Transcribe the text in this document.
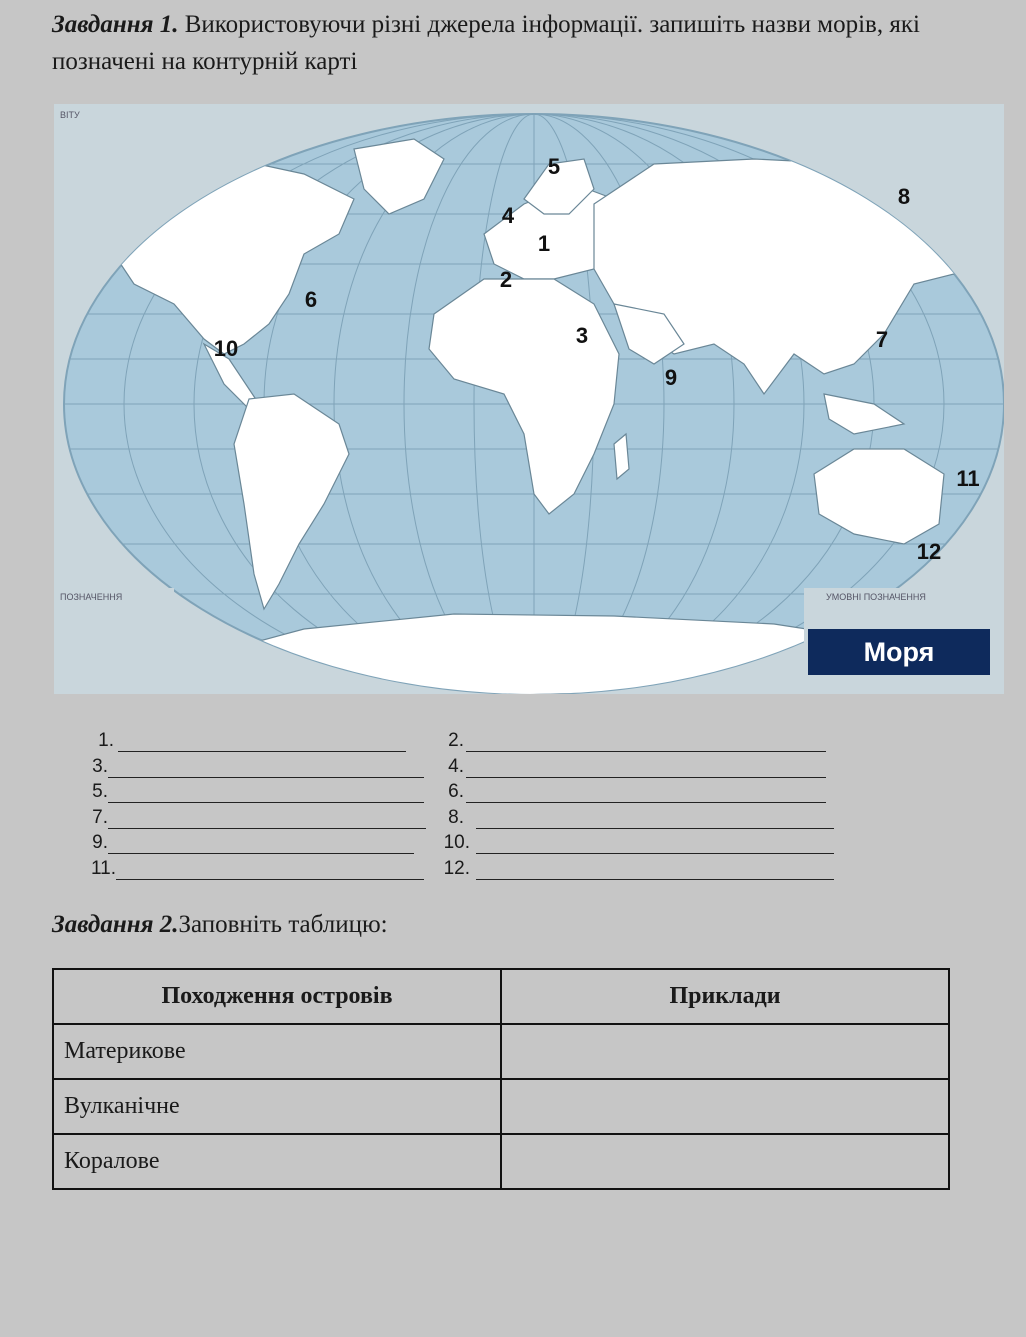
Завдання 1. Використовуючи різні джерела інформації. запишіть назви морів, які позначені на контурній карті
ВІТУ
ПОЗНАЧЕННЯ	УМОВНІ ПОЗНАЧЕННЯ
1
2
3
4
5
6
7
8
9
10
11
12
Моря
1.	2.
3.	4.
5.	6.
7.	8.
9.	10.
11.	12.
Завдання 2.Заповніть таблицю:
Походження островів	Приклади
Материкове	
Вулканічне	
Коралове	
